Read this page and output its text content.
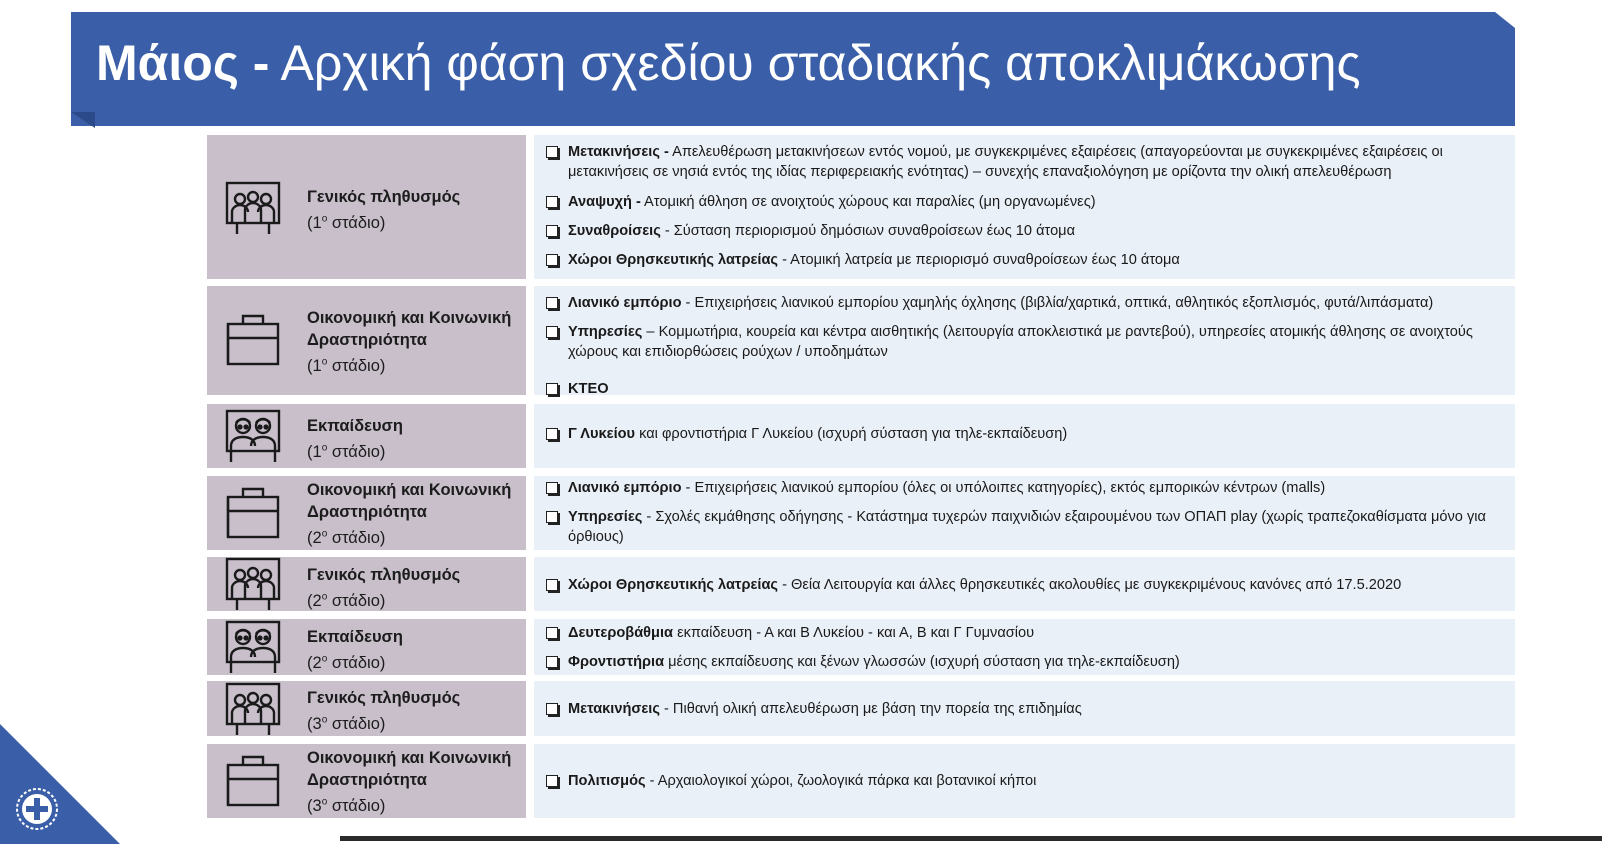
Μάιος - Αρχική φάση σχεδίου σταδιακής αποκλιμάκωσης
Δευτέρα
4 Μαΐου
Δευτέρα
11 Μαΐου
Δευτέρα
18 Μαΐου
Γενικός πληθυσμός
($1^o$ στάδιο)
Μετακινήσεις - Απελευθέρωση μετακινήσεων εντός νομού, με συγκεκριμένες εξαιρέσεις (απαγορεύονται με συγκεκριμένες εξαιρέσεις οι μετακινήσεις σε νησιά εντός της ιδίας περιφερειακής ενότητας) – συνεχής επαναξιολόγηση με ορίζοντα την ολική απελευθέρωση
Αναψυχή - Ατομική άθληση σε ανοιχτούς χώρους και παραλίες (μη οργανωμένες)
Συναθροίσεις - Σύσταση περιορισμού δημόσιων συναθροίσεων έως 10 άτομα
Χώροι Θρησκευτικής λατρείας - Ατομική λατρεία με περιορισμό συναθροίσεων έως 10 άτομα
Οικονομική και Κοινωνική
Δραστηριότητα
($1^o$ στάδιο)
Λιανικό εμπόριο - Επιχειρήσεις λιανικού εμπορίου χαμηλής όχλησης (βιβλία/χαρτικά, οπτικά, αθλητικός εξοπλισμός, φυτά/λιπάσματα)
Υπηρεσίες – Κομμωτήρια, κουρεία και κέντρα αισθητικής (λειτουργία αποκλειστικά με ραντεβού), υπηρεσίες ατομικής άθλησης σε ανοιχτούς χώρους και επιδιορθώσεις ρούχων / υποδημάτων
ΚΤΕΟ
Εκπαίδευση
($1^o$ στάδιο)
Γ Λυκείου και φροντιστήρια Γ Λυκείου (ισχυρή σύσταση για τηλε-εκπαίδευση)
Οικονομική και Κοινωνική
Δραστηριότητα
($2^o$ στάδιο)
Λιανικό εμπόριο - Επιχειρήσεις λιανικού εμπορίου (όλες οι υπόλοιπες κατηγορίες), εκτός εμπορικών κέντρων (malls)
Υπηρεσίες - Σχολές εκμάθησης οδήγησης - Κατάστημα τυχερών παιχνιδιών εξαιρουμένου των ΟΠΑΠ play (χωρίς τραπεζοκαθίσματα μόνο για όρθιους)
Γενικός πληθυσμός
($2^o$ στάδιο)
Χώροι Θρησκευτικής λατρείας - Θεία Λειτουργία και άλλες θρησκευτικές ακολουθίες με συγκεκριμένους κανόνες από 17.5.2020
Εκπαίδευση
($2^o$ στάδιο)
Δευτεροβάθμια εκπαίδευση - Α και Β Λυκείου - και Α, Β και Γ Γυμνασίου
Φροντιστήρια μέσης εκπαίδευσης και ξένων γλωσσών (ισχυρή σύσταση για τηλε-εκπαίδευση)
Γενικός πληθυσμός
($3^o$ στάδιο)
Μετακινήσεις - Πιθανή ολική απελευθέρωση με βάση την πορεία της επιδημίας
Οικονομική και Κοινωνική
Δραστηριότητα
($3^o$ στάδιο)
Πολιτισμός - Αρχαιολογικοί χώροι, ζωολογικά πάρκα και βοτανικοί κήποι
